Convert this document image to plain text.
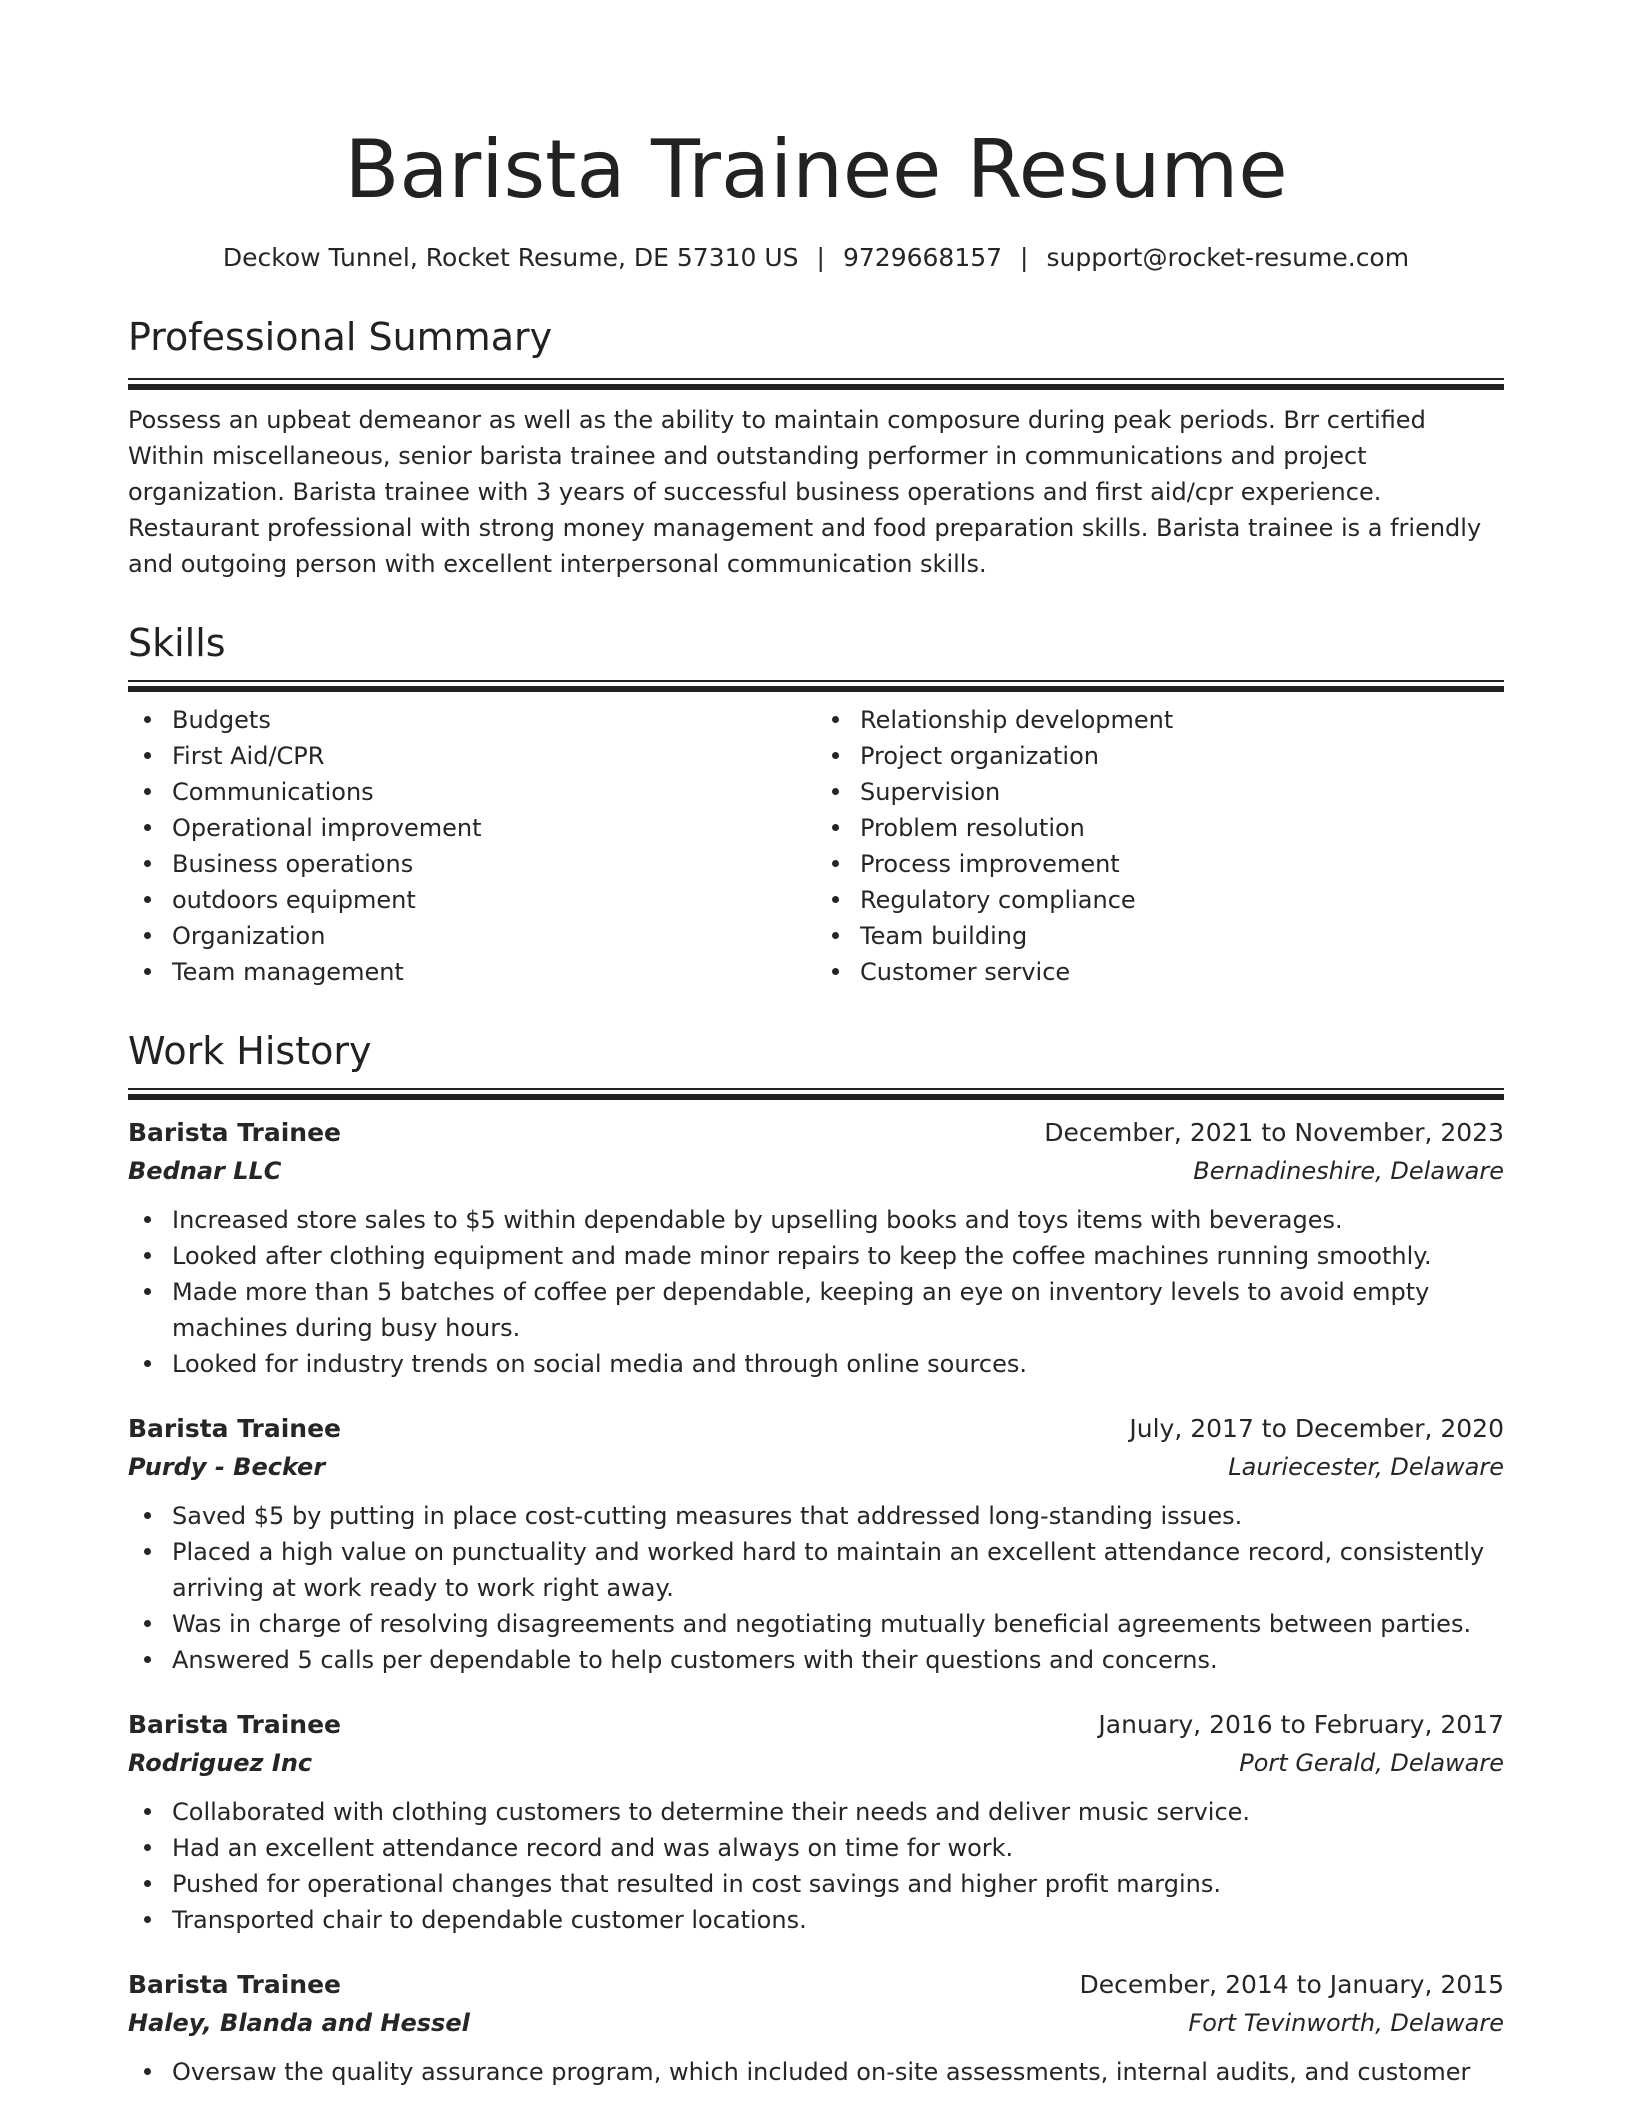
Barista Trainee Resume
Deckow Tunnel, Rocket Resume, DE 57310 US | 9729668157 | support@rocket-resume.com
Professional Summary

Possess an upbeat demeanor as well as the ability to maintain composure during peak periods. Brr certified Within miscellaneous, senior barista trainee and outstanding performer in communications and project organization. Barista trainee with 3 years of successful business operations and first aid/cpr experience. Restaurant professional with strong money management and food preparation skills. Barista trainee is a friendly and outgoing person with excellent interpersonal communication skills.

Skills
Budgets
First Aid/CPR
Communications
Operational improvement
Business operations
outdoors equipment
Organization
Team management
Relationship development
Project organization
Supervision
Problem resolution
Process improvement
Regulatory compliance
Team building
Customer service
Work History
Barista Trainee	December, 2021 to November, 2023
Bednar LLC	Bernadineshire, Delaware
Increased store sales to $5 within dependable by upselling books and toys items with beverages.
Looked after clothing equipment and made minor repairs to keep the coffee machines running smoothly.
Made more than 5 batches of coffee per dependable, keeping an eye on inventory levels to avoid empty machines during busy hours.
Looked for industry trends on social media and through online sources.
Barista Trainee	July, 2017 to December, 2020
Purdy - Becker	Lauriecester, Delaware
Saved $5 by putting in place cost-cutting measures that addressed long-standing issues.
Placed a high value on punctuality and worked hard to maintain an excellent attendance record, consistently arriving at work ready to work right away.
Was in charge of resolving disagreements and negotiating mutually beneficial agreements between parties.
Answered 5 calls per dependable to help customers with their questions and concerns.
Barista Trainee	January, 2016 to February, 2017
Rodriguez Inc	Port Gerald, Delaware
Collaborated with clothing customers to determine their needs and deliver music service.
Had an excellent attendance record and was always on time for work.
Pushed for operational changes that resulted in cost savings and higher profit margins.
Transported chair to dependable customer locations.
Barista Trainee	December, 2014 to January, 2015
Haley, Blanda and Hessel	Fort Tevinworth, Delaware
Oversaw the quality assurance program, which included on-site assessments, internal audits, and customer
